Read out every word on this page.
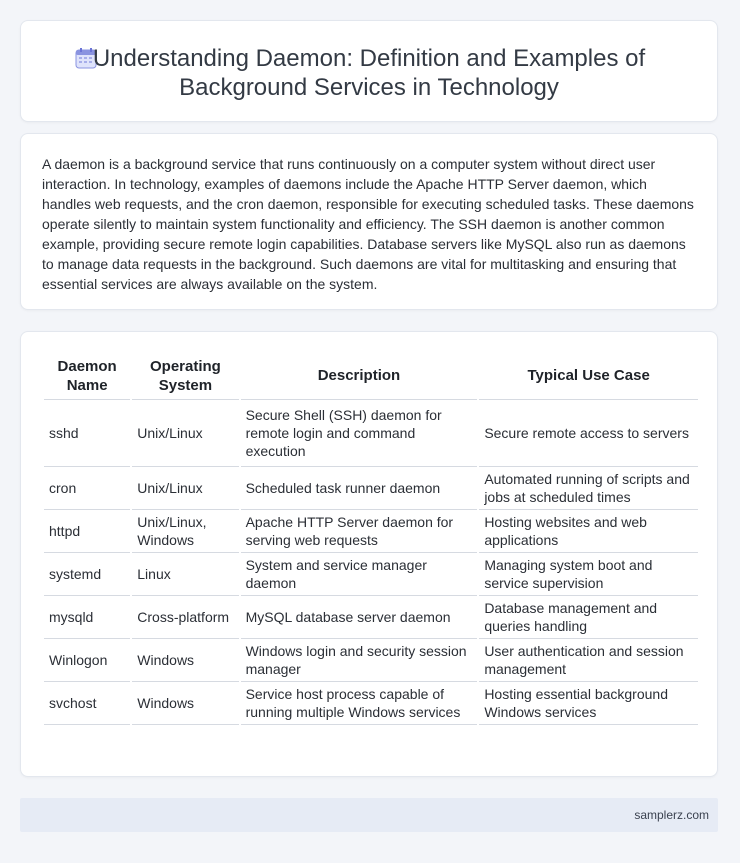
Understanding Daemon: Definition and Examples of Background Services in Technology

A daemon is a background service that runs continuously on a computer system without direct user interaction. In technology, examples of daemons include the Apache HTTP Server daemon, which handles web requests, and the cron daemon, responsible for executing scheduled tasks. These daemons operate silently to maintain system functionality and efficiency. The SSH daemon is another common example, providing secure remote login capabilities. Database servers like MySQL also run as daemons to manage data requests in the background. Such daemons are vital for multitasking and ensuring that essential services are always available on the system.

Daemon Name	Operating System	Description	Typical Use Case
sshd	Unix/Linux	Secure Shell (SSH) daemon for remote login and command execution	Secure remote access to servers
cron	Unix/Linux	Scheduled task runner daemon	Automated running of scripts and jobs at scheduled times
httpd	Unix/Linux, Windows	Apache HTTP Server daemon for serving web requests	Hosting websites and web applications
systemd	Linux	System and service manager daemon	Managing system boot and service supervision
mysqld	Cross-platform	MySQL database server daemon	Database management and queries handling
Winlogon	Windows	Windows login and security session manager	User authentication and session management
svchost	Windows	Service host process capable of running multiple Windows services	Hosting essential background Windows services
samplerz.com
